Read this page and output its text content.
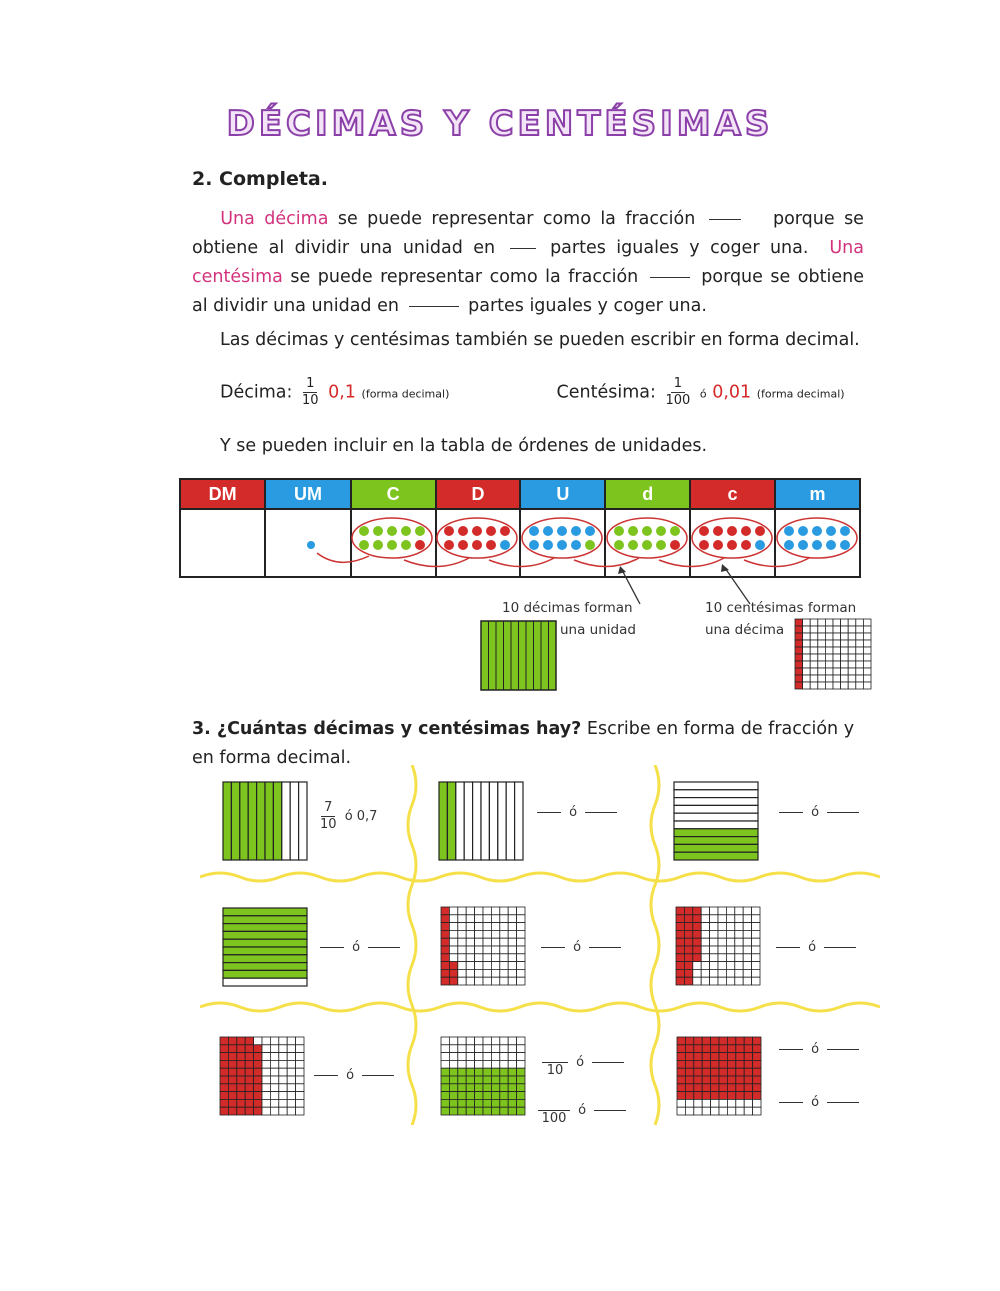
DÉCIMAS Y CENTÉSIMAS
2. Completa.
Una décima se puede representar como la fracción	porque se obtiene al dividir una unidad en	partes iguales y coger una. Una centésima se puede representar como la fracción	porque se obtiene al dividir una unidad en	partes iguales y coger una.
Las décimas y centésimas también se pueden escribir en forma decimal.
Décima: $\frac{1}{10} 0,1$ (forma decimal)	Centésima: $\frac{1}{100}$ ó 0,01 (forma decimal)
Y se pueden incluir en la tabla de órdenes de unidades.
DM	UM	C	D	U	d	c	m

10 décimas forman
una unidad
10 centésimas forman
una décima
3. ¿Cuántas décimas y centésimas hay? Escribe en forma de fracción y en forma decimal.
$\frac{7}{10}$ ó 0,7	ó	ó
ó	ó	ó
ó
	10
ó

100
ó
ó
ó
